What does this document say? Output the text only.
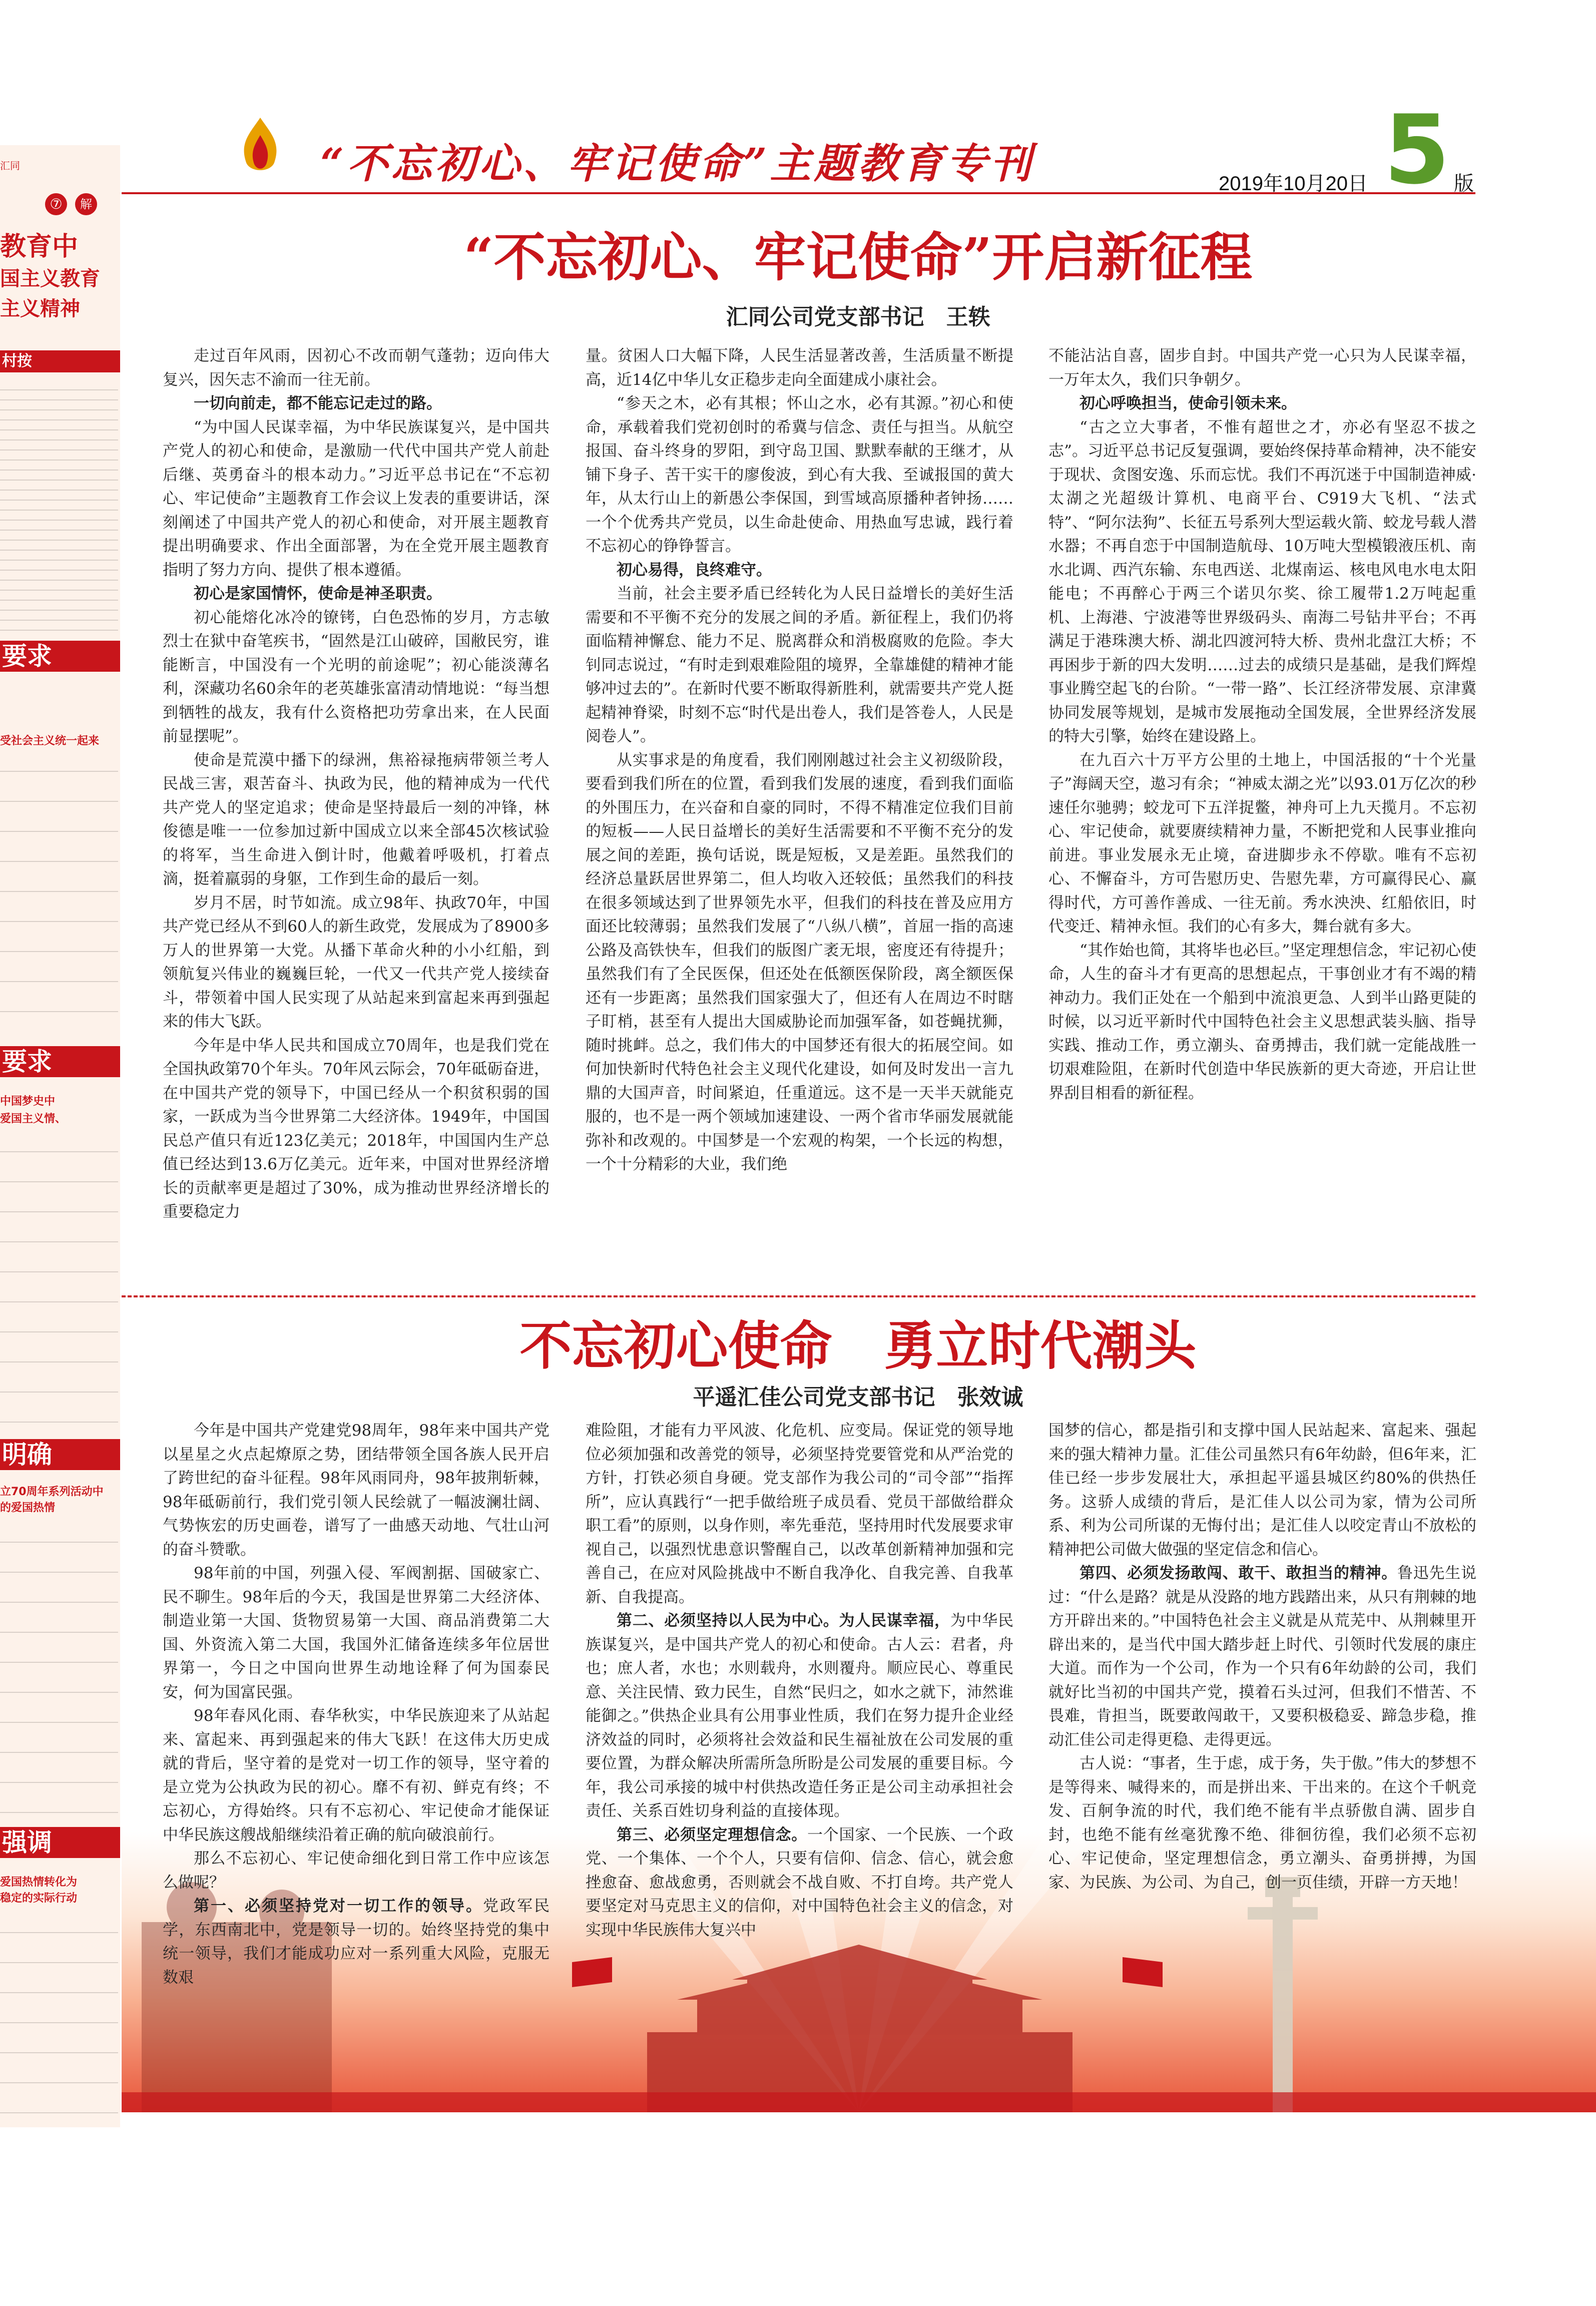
“不忘初心、牢记使命”主题教育专刊	2019年10月20日 5 版
汇同
⑦	解
教育中
国主义教育
主义精神
村按
要求
受社会主义统一起来
要求
中国梦史中
爱国主义情、
明确
立70周年系列活动中
的爱国热情
强调
爱国热情转化为
稳定的实际行动
“不忘初心、牢记使命”开启新征程
汇同公司党支部书记　王轶

走过百年风雨，因初心不改而朝气蓬勃；迈向伟大复兴，因矢志不渝而一往无前。

一切向前走，都不能忘记走过的路。

“为中国人民谋幸福，为中华民族谋复兴，是中国共产党人的初心和使命，是激励一代代中国共产党人前赴后继、英勇奋斗的根本动力。”习近平总书记在“不忘初心、牢记使命”主题教育工作会议上发表的重要讲话，深刻阐述了中国共产党人的初心和使命，对开展主题教育提出明确要求、作出全面部署，为在全党开展主题教育指明了努力方向、提供了根本遵循。

初心是家国情怀，使命是神圣职责。

初心能熔化冰冷的镣铐，白色恐怖的岁月，方志敏烈士在狱中奋笔疾书，“固然是江山破碎，国敝民穷，谁能断言，中国没有一个光明的前途呢”；初心能淡薄名利，深藏功名60余年的老英雄张富清动情地说：“每当想到牺牲的战友，我有什么资格把功劳拿出来，在人民面前显摆呢”。

使命是荒漠中播下的绿洲，焦裕禄拖病带领兰考人民战三害，艰苦奋斗、执政为民，他的精神成为一代代共产党人的坚定追求；使命是坚持最后一刻的冲锋，林俊德是唯一一位参加过新中国成立以来全部45次核试验的将军，当生命进入倒计时，他戴着呼吸机，打着点滴，挺着羸弱的身躯，工作到生命的最后一刻。

岁月不居，时节如流。成立98年、执政70年，中国共产党已经从不到60人的新生政党，发展成为了8900多万人的世界第一大党。从播下革命火种的小小红船，到领航复兴伟业的巍巍巨轮，一代又一代共产党人接续奋斗，带领着中国人民实现了从站起来到富起来再到强起来的伟大飞跃。

今年是中华人民共和国成立70周年，也是我们党在全国执政第70个年头。70年风云际会，70年砥砺奋进，在中国共产党的领导下，中国已经从一个积贫积弱的国家，一跃成为当今世界第二大经济体。1949年，中国国民总产值只有近123亿美元；2018年，中国国内生产总值已经达到13.6万亿美元。近年来，中国对世界经济增长的贡献率更是超过了30%，成为推动世界经济增长的重要稳定力

量。贫困人口大幅下降，人民生活显著改善，生活质量不断提高，近14亿中华儿女正稳步走向全面建成小康社会。

“参天之木，必有其根；怀山之水，必有其源。”初心和使命，承载着我们党初创时的希冀与信念、责任与担当。从航空报国、奋斗终身的罗阳，到守岛卫国、默默奉献的王继才，从铺下身子、苦干实干的廖俊波，到心有大我、至诚报国的黄大年，从太行山上的新愚公李保国，到雪域高原播种者钟扬……一个个优秀共产党员，以生命赴使命、用热血写忠诚，践行着不忘初心的铮铮誓言。

初心易得，良终难守。

当前，社会主要矛盾已经转化为人民日益增长的美好生活需要和不平衡不充分的发展之间的矛盾。新征程上，我们仍将面临精神懈怠、能力不足、脱离群众和消极腐败的危险。李大钊同志说过，“有时走到艰难险阻的境界，全靠雄健的精神才能够冲过去的”。在新时代要不断取得新胜利，就需要共产党人挺起精神脊梁，时刻不忘“时代是出卷人，我们是答卷人，人民是阅卷人”。

从实事求是的角度看，我们刚刚越过社会主义初级阶段，要看到我们所在的位置，看到我们发展的速度，看到我们面临的外围压力，在兴奋和自豪的同时，不得不精准定位我们目前的短板——人民日益增长的美好生活需要和不平衡不充分的发展之间的差距，换句话说，既是短板，又是差距。虽然我们的经济总量跃居世界第二，但人均收入还较低；虽然我们的科技在很多领域达到了世界领先水平，但我们的科技在普及应用方面还比较薄弱；虽然我们发展了“八纵八横”，首屈一指的高速公路及高铁快车，但我们的版图广袤无垠，密度还有待提升；虽然我们有了全民医保，但还处在低额医保阶段，离全额医保还有一步距离；虽然我们国家强大了，但还有人在周边不时瞎子盯梢，甚至有人提出大国威胁论而加强军备，如苍蝇扰狮，随时挑衅。总之，我们伟大的中国梦还有很大的拓展空间。如何加快新时代特色社会主义现代化建设，如何及时发出一言九鼎的大国声音，时间紧迫，任重道远。这不是一天半天就能克服的，也不是一两个领域加速建设、一两个省市华丽发展就能弥补和改观的。中国梦是一个宏观的构架，一个长远的构想，一个十分精彩的大业，我们绝

不能沾沾自喜，固步自封。中国共产党一心只为人民谋幸福，一万年太久，我们只争朝夕。

初心呼唤担当，使命引领未来。

“古之立大事者，不惟有超世之才，亦必有坚忍不拔之志”。习近平总书记反复强调，要始终保持革命精神，决不能安于现状、贪图安逸、乐而忘忧。我们不再沉迷于中国制造神威·太湖之光超级计算机、电商平台、C919大飞机、“法式特”、“阿尔法狗”、长征五号系列大型运载火箭、蛟龙号载人潜水器；不再自恋于中国制造航母、10万吨大型模锻液压机、南水北调、西汽东输、东电西送、北煤南运、核电风电水电太阳能电；不再醉心于两三个诺贝尔奖、徐工履带1.2万吨起重机、上海港、宁波港等世界级码头、南海二号钻井平台；不再满足于港珠澳大桥、湖北四渡河特大桥、贵州北盘江大桥；不再困步于新的四大发明……过去的成绩只是基础，是我们辉煌事业腾空起飞的台阶。“一带一路”、长江经济带发展、京津冀协同发展等规划，是城市发展拖动全国发展，全世界经济发展的特大引擎，始终在建设路上。

在九百六十万平方公里的土地上，中国活报的“十个光量子”海阔天空，遨习有余；“神威太湖之光”以93.01万亿次的秒速任尔驰骋；蛟龙可下五洋捉鳖，神舟可上九天揽月。不忘初心、牢记使命，就要赓续精神力量，不断把党和人民事业推向前进。事业发展永无止境，奋进脚步永不停歇。唯有不忘初心、不懈奋斗，方可告慰历史、告慰先辈，方可赢得民心、赢得时代，方可善作善成、一往无前。秀水泱泱、红船依旧，时代变迁、精神永恒。我们的心有多大，舞台就有多大。

“其作始也简，其将毕也必巨。”坚定理想信念，牢记初心使命，人生的奋斗才有更高的思想起点，干事创业才有不竭的精神动力。我们正处在一个船到中流浪更急、人到半山路更陡的时候，以习近平新时代中国特色社会主义思想武装头脑、指导实践、推动工作，勇立潮头、奋勇搏击，我们就一定能战胜一切艰难险阻，在新时代创造中华民族新的更大奇迹，开启让世界刮目相看的新征程。

不忘初心使命　勇立时代潮头
平遥汇佳公司党支部书记　张效诚

今年是中国共产党建党98周年，98年来中国共产党以星星之火点起燎原之势，团结带领全国各族人民开启了跨世纪的奋斗征程。98年风雨同舟，98年披荆斩棘，98年砥砺前行，我们党引领人民绘就了一幅波澜壮阔、气势恢宏的历史画卷，谱写了一曲感天动地、气壮山河的奋斗赞歌。

98年前的中国，列强入侵、军阀割据、国破家亡、民不聊生。98年后的今天，我国是世界第二大经济体、制造业第一大国、货物贸易第一大国、商品消费第二大国、外资流入第二大国，我国外汇储备连续多年位居世界第一，今日之中国向世界生动地诠释了何为国泰民安，何为国富民强。

98年春风化雨、春华秋实，中华民族迎来了从站起来、富起来、再到强起来的伟大飞跃！在这伟大历史成就的背后，坚守着的是党对一切工作的领导，坚守着的是立党为公执政为民的初心。靡不有初、鲜克有终；不忘初心，方得始终。只有不忘初心、牢记使命才能保证中华民族这艘战船继续沿着正确的航向破浪前行。

那么不忘初心、牢记使命细化到日常工作中应该怎么做呢？

第一、必须坚持党对一切工作的领导。党政军民学，东西南北中，党是领导一切的。始终坚持党的集中统一领导，我们才能成功应对一系列重大风险，克服无数艰

难险阻，才能有力平风波、化危机、应变局。保证党的领导地位必须加强和改善党的领导，必须坚持党要管党和从严治党的方针，打铁必须自身硬。党支部作为我公司的“司令部”“指挥所”，应认真践行“一把手做给班子成员看、党员干部做给群众职工看”的原则，以身作则，率先垂范，坚持用时代发展要求审视自己，以强烈忧患意识警醒自己，以改革创新精神加强和完善自己，在应对风险挑战中不断自我净化、自我完善、自我革新、自我提高。

第二、必须坚持以人民为中心。为人民谋幸福，为中华民族谋复兴，是中国共产党人的初心和使命。古人云：君者，舟也；庶人者，水也；水则载舟，水则覆舟。顺应民心、尊重民意、关注民情、致力民生，自然“民归之，如水之就下，沛然谁能御之。”供热企业具有公用事业性质，我们在努力提升企业经济效益的同时，必须将社会效益和民生福祉放在公司发展的重要位置，为群众解决所需所急所盼是公司发展的重要目标。今年，我公司承接的城中村供热改造任务正是公司主动承担社会责任、关系百姓切身利益的直接体现。

第三、必须坚定理想信念。一个国家、一个民族、一个政党、一个集体、一个个人，只要有信仰、信念、信心，就会愈挫愈奋、愈战愈勇，否则就会不战自败、不打自垮。共产党人要坚定对马克思主义的信仰，对中国特色社会主义的信念，对实现中华民族伟大复兴中

国梦的信心，都是指引和支撑中国人民站起来、富起来、强起来的强大精神力量。汇佳公司虽然只有6年幼龄，但6年来，汇佳已经一步步发展壮大，承担起平遥县城区约80%的供热任务。这骄人成绩的背后，是汇佳人以公司为家，情为公司所系、利为公司所谋的无悔付出；是汇佳人以咬定青山不放松的精神把公司做大做强的坚定信念和信心。

第四、必须发扬敢闯、敢干、敢担当的精神。鲁迅先生说过：“什么是路？就是从没路的地方践踏出来，从只有荆棘的地方开辟出来的。”中国特色社会主义就是从荒芜中、从荆棘里开辟出来的，是当代中国大踏步赶上时代、引领时代发展的康庄大道。而作为一个公司，作为一个只有6年幼龄的公司，我们就好比当初的中国共产党，摸着石头过河，但我们不惜苦、不畏难，肯担当，既要敢闯敢干，又要积极稳妥、蹄急步稳，推动汇佳公司走得更稳、走得更远。

古人说：“事者，生于虑，成于务，失于傲。”伟大的梦想不是等得来、喊得来的，而是拼出来、干出来的。在这个千帆竞发、百舸争流的时代，我们绝不能有半点骄傲自满、固步自封，也绝不能有丝毫犹豫不绝、徘徊彷徨，我们必须不忘初心、牢记使命，坚定理想信念，勇立潮头、奋勇拼搏，为国家、为民族、为公司、为自己，创一页佳绩，开辟一方天地！
